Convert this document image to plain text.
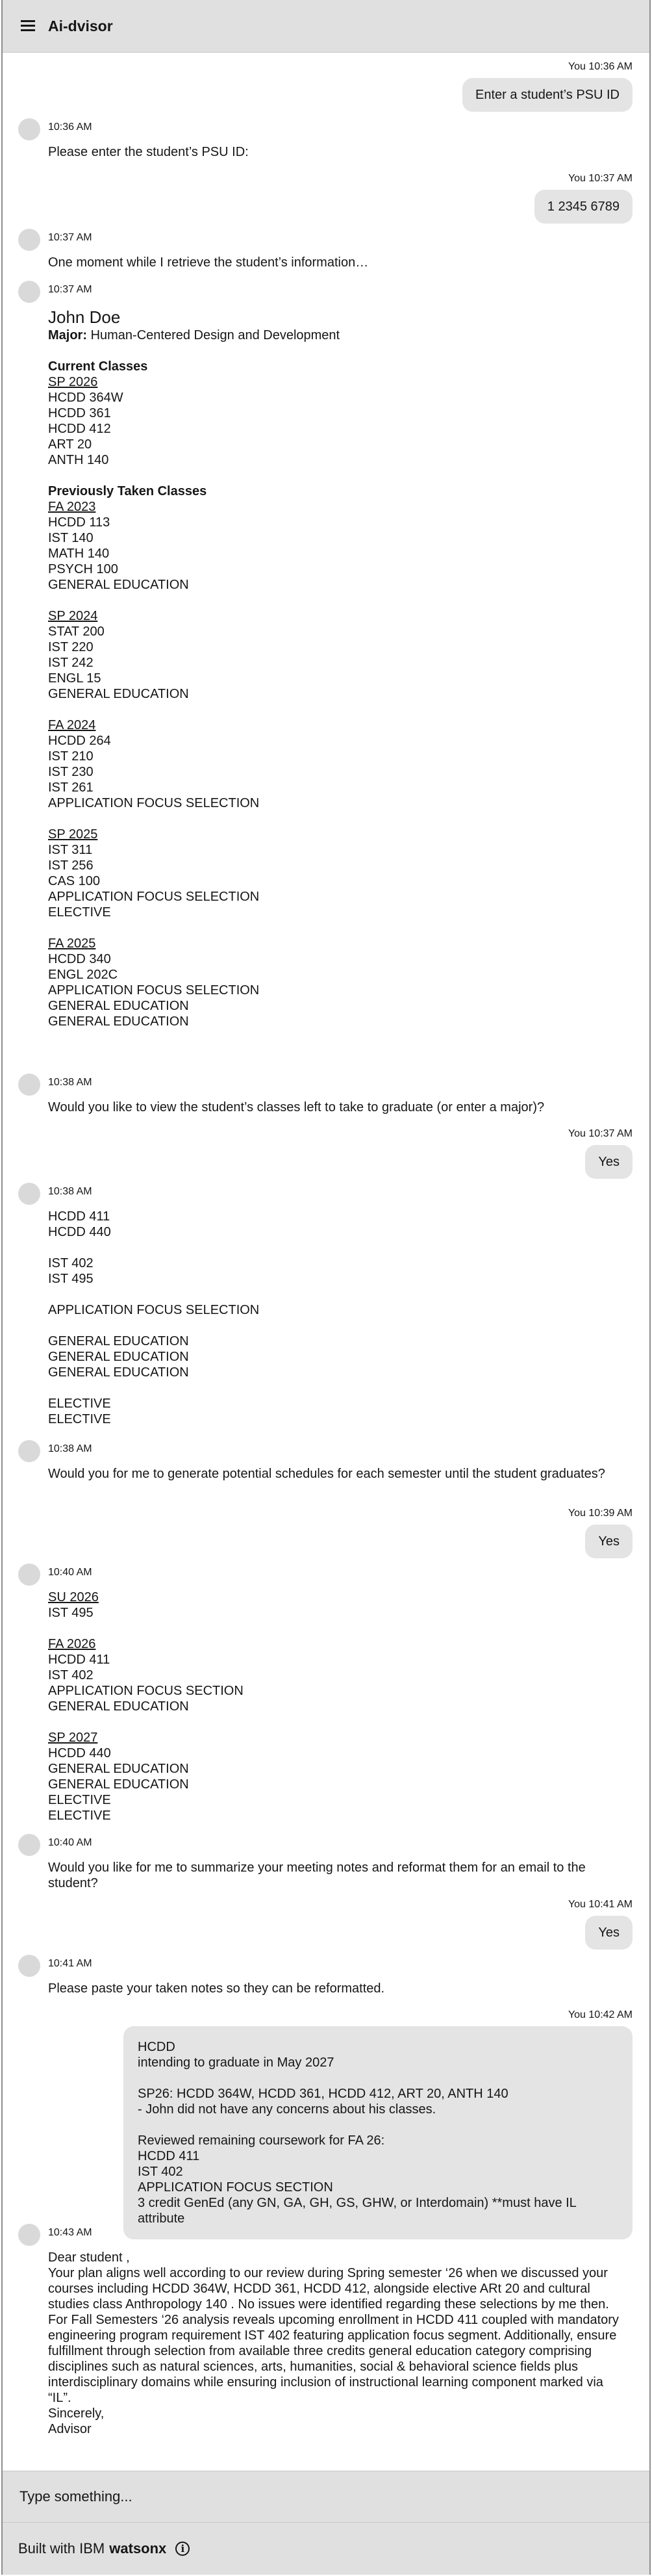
Ai-dvisor
You 10:36 AM
Enter a student’s PSU ID
10:36 AM
Please enter the student’s PSU ID:
You 10:37 AM
1 2345 6789
10:37 AM
One moment while I retrieve the student’s information…
10:37 AM
John Doe
Major: Human-Centered Design and Development
Current Classes
SP 2026
HCDD 364W
HCDD 361
HCDD 412
ART 20
ANTH 140
Previously Taken Classes
FA 2023
HCDD 113
IST 140
MATH 140
PSYCH 100
GENERAL EDUCATION
SP 2024
STAT 200
IST 220
IST 242
ENGL 15
GENERAL EDUCATION
FA 2024
HCDD 264
IST 210
IST 230
IST 261
APPLICATION FOCUS SELECTION
SP 2025
IST 311
IST 256
CAS 100
APPLICATION FOCUS SELECTION
ELECTIVE
FA 2025
HCDD 340
ENGL 202C
APPLICATION FOCUS SELECTION
GENERAL EDUCATION
GENERAL EDUCATION
10:38 AM
Would you like to view the student’s classes left to take to graduate (or enter a major)?
You 10:37 AM
Yes
10:38 AM
HCDD 411
HCDD 440
IST 402
IST 495
APPLICATION FOCUS SELECTION
GENERAL EDUCATION
GENERAL EDUCATION
GENERAL EDUCATION
ELECTIVE
ELECTIVE
10:38 AM
Would you for me to generate potential schedules for each semester until the student graduates?
You 10:39 AM
Yes
10:40 AM
SU 2026
IST 495
FA 2026
HCDD 411
IST 402
APPLICATION FOCUS SECTION
GENERAL EDUCATION
SP 2027
HCDD 440
GENERAL EDUCATION
GENERAL EDUCATION
ELECTIVE
ELECTIVE
10:40 AM
Would you like for me to summarize your meeting notes and reformat them for an email to the student?
You 10:41 AM
Yes
10:41 AM
Please paste your taken notes so they can be reformatted.
You 10:42 AM
HCDD
intending to graduate in May 2027
SP26: HCDD 364W, HCDD 361, HCDD 412, ART 20, ANTH 140
- John did not have any concerns about his classes.
Reviewed remaining coursework for FA 26:
HCDD 411
IST 402
APPLICATION FOCUS SECTION
3 credit GenEd (any GN, GA, GH, GS, GHW, or Interdomain) **must have IL attribute
10:43 AM
Dear student ,
Your plan aligns well according to our review during Spring semester ‘26 when we discussed your courses including HCDD 364W, HCDD 361, HCDD 412, alongside elective ARt 20 and cultural studies class Anthropology 140 . No issues were identified regarding these selections by me then.
For Fall Semesters ‘26 analysis reveals upcoming enrollment in HCDD 411 coupled with mandatory engineering program requirement IST 402 featuring application focus segment. Additionally, ensure fulfillment through selection from available three credits general education category comprising disciplines such as natural sciences, arts, humanities, social & behavioral science fields plus interdisciplinary domains while ensuring inclusion of instructional learning component marked via “IL”.
Sincerely,
Advisor
Type something...
Built with IBM watsonx	i
